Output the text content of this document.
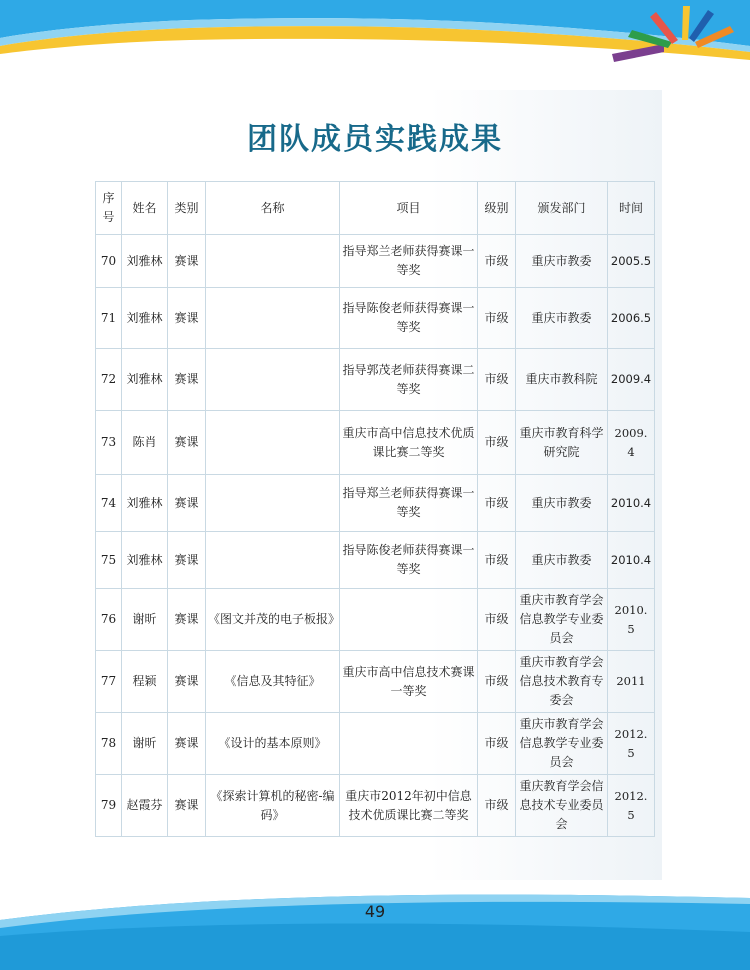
团队成员实践成果
序号	姓名	类别	名称	项目	级别	颁发部门	时间
70	刘雅林	赛课		指导郑兰老师获得赛课一等奖	市级	重庆市教委	2005.5
71	刘雅林	赛课		指导陈俊老师获得赛课一等奖	市级	重庆市教委	2006.5
72	刘雅林	赛课		指导郭茂老师获得赛课二等奖	市级	重庆市教科院	2009.4
73	陈肖	赛课		重庆市高中信息技术优质课比赛二等奖	市级	重庆市教育科学研究院	2009. 4
74	刘雅林	赛课		指导郑兰老师获得赛课一等奖	市级	重庆市教委	2010.4
75	刘雅林	赛课		指导陈俊老师获得赛课一等奖	市级	重庆市教委	2010.4
76	谢昕	赛课	《图文并茂的电子板报》		市级	重庆市教育学会信息教学专业委员会	2010. 5
77	程颖	赛课	《信息及其特征》	重庆市高中信息技术赛课一等奖	市级	重庆市教育学会信息技术教育专委会	2011
78	谢昕	赛课	《设计的基本原则》		市级	重庆市教育学会信息教学专业委员会	2012. 5
79	赵霞芬	赛课	《探索计算机的秘密-编码》	重庆市2012年初中信息技术优质课比赛二等奖	市级	重庆教育学会信息技术专业委员会	2012. 5
49
